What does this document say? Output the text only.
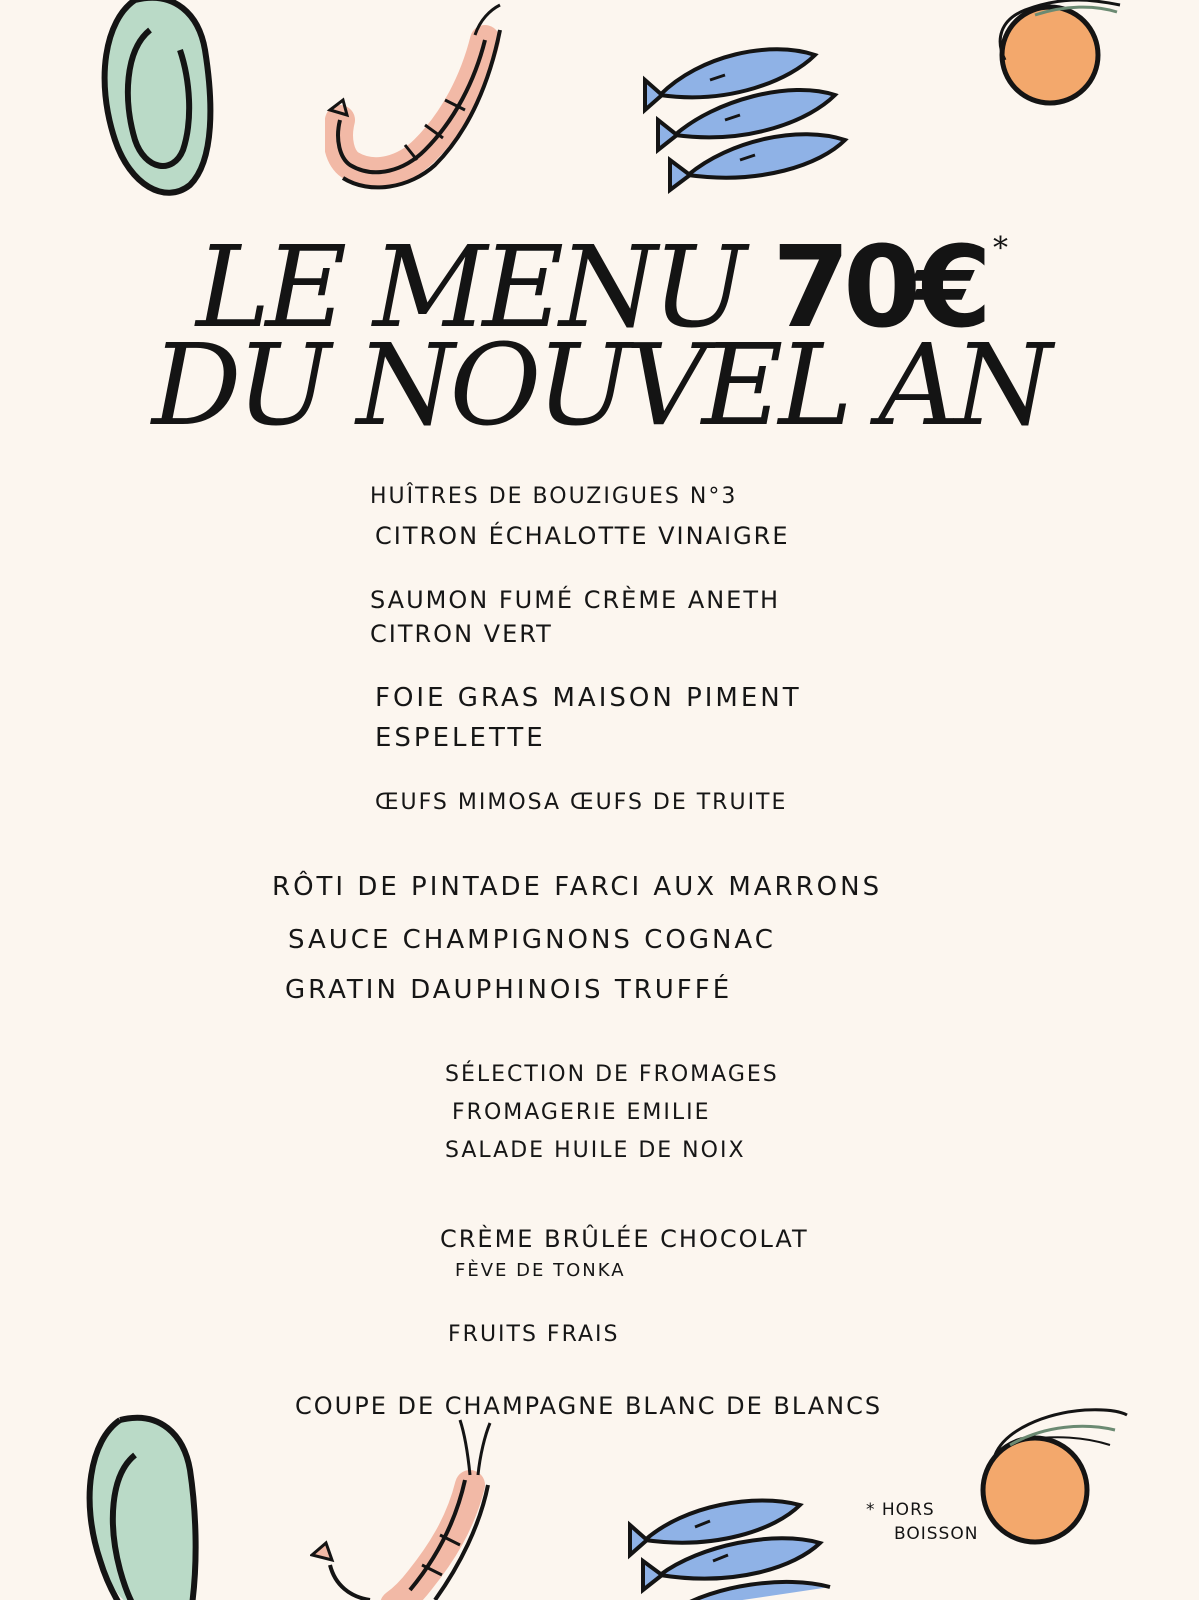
LE MENU 70€ *
DU NOUVEL AN
HUÎTRES DE BOUZIGUES N°3
CITRON ÉCHALOTTE VINAIGRE
SAUMON FUMÉ CRÈME ANETH
CITRON VERT
FOIE GRAS MAISON PIMENT
ESPELETTE
ŒUFS MIMOSA ŒUFS DE TRUITE
RÔTI DE PINTADE FARCI AUX MARRONS
SAUCE CHAMPIGNONS COGNAC
GRATIN DAUPHINOIS TRUFFÉ
SÉLECTION DE FROMAGES
FROMAGERIE EMILIE
SALADE HUILE DE NOIX
CRÈME BRÛLÉE CHOCOLAT
FÈVE DE TONKA
FRUITS FRAIS
COUPE DE CHAMPAGNE BLANC DE BLANCS
* HORS
BOISSON
